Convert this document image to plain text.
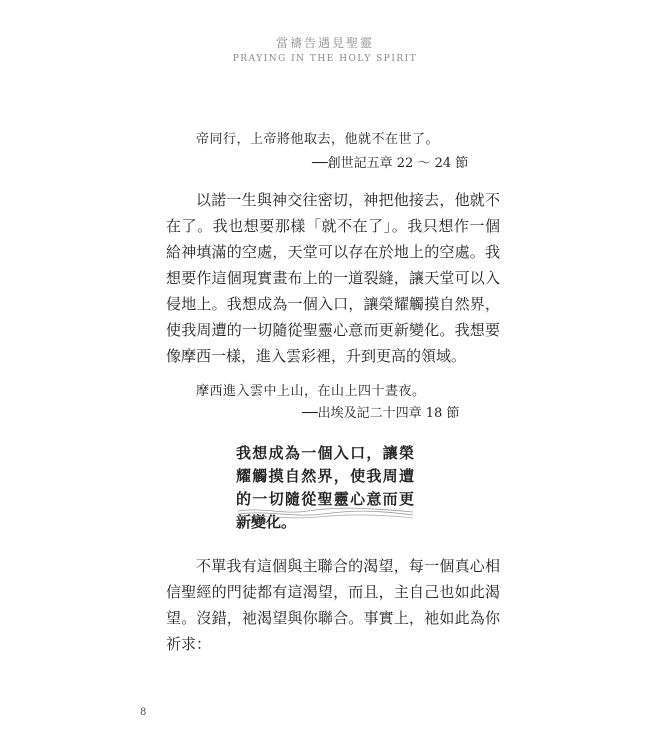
當禱告遇見聖靈
PRAYING IN THE HOLY SPIRIT
帝同行，上帝將他取去，他就不在世了。
──創世記五章 22 ～ 24 節

以諾一生與神交往密切，神把他接去，他就不在了。我也想要那樣「就不在了」。我只想作一個給神填滿的空處，天堂可以存在於地上的空處。我想要作這個現實畫布上的一道裂縫，讓天堂可以入侵地上。我想成為一個入口，讓榮耀觸摸自然界，使我周遭的一切隨從聖靈心意而更新變化。我想要像摩西一樣，進入雲彩裡，升到更高的領域。

摩西進入雲中上山，在山上四十晝夜。
──出埃及記二十四章 18 節
我想成為一個入口，讓榮耀觸摸自然界，使我周遭的一切隨從聖靈心意而更新變化。

不單我有這個與主聯合的渴望，每一個真心相信聖經的門徒都有這渴望，而且，主自己也如此渴望。沒錯，祂渴望與你聯合。事實上，祂如此為你祈求：

8
